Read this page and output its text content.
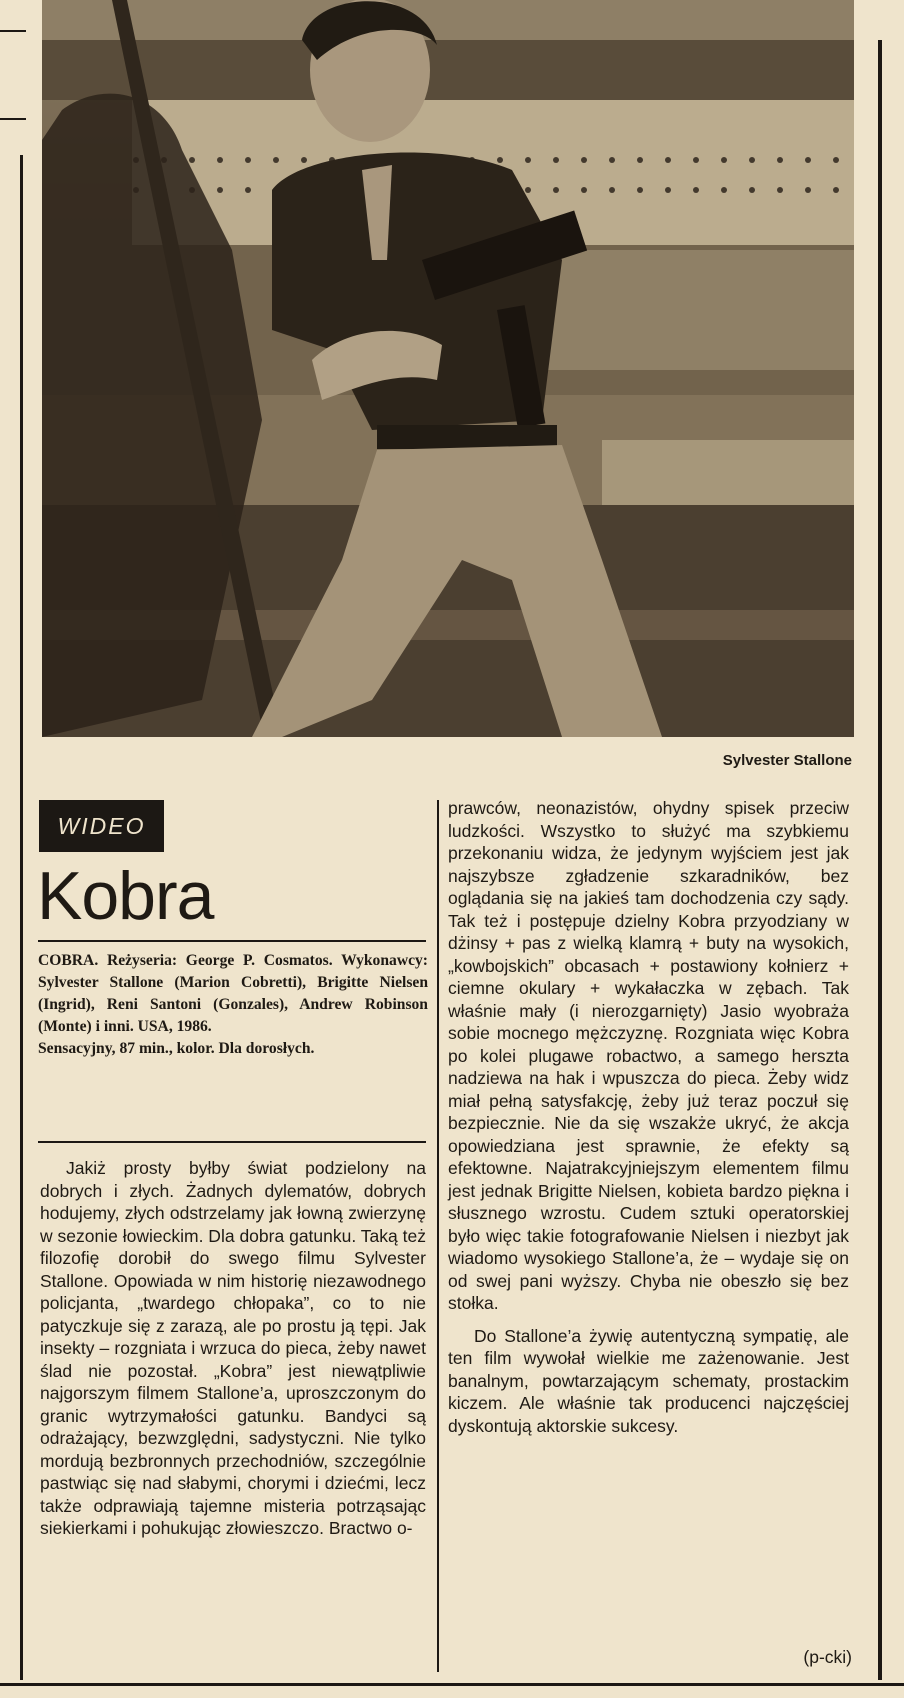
Sylvester Stallone
WIDEO
Kobra

COBRA. Reżyseria: George P. Cosmatos. Wykonawcy: Sylvester Stallone (Marion Cobretti), Brigitte Nielsen (Ingrid), Reni Santoni (Gonzales), Andrew Robinson (Monte) i inni. USA, 1986.
Sensacyjny, 87 min., kolor. Dla dorosłych.

Jakiż prosty byłby świat podzielony na dobrych i złych. Żadnych dylematów, dobrych hodujemy, złych odstrzelamy jak łowną zwierzynę w sezonie łowieckim. Dla dobra gatunku. Taką też filozofię dorobił do swego filmu Sylvester Stallone. Opowiada w nim historię niezawodnego policjanta, „twardego chłopaka”, co to nie patyczkuje się z zarazą, ale po prostu ją tępi. Jak insekty – rozgniata i wrzuca do pieca, żeby nawet ślad nie pozostał. „Kobra” jest niewątpliwie najgorszym filmem Stallone’a, uproszczonym do granic wytrzymałości gatunku. Bandyci są odrażający, bezwzględni, sadystyczni. Nie tylko mordują bezbronnych przechodniów, szczególnie pastwiąc się nad słabymi, chorymi i dziećmi, lecz także odprawiają tajemne misteria potrząsając siekierkami i pohukując złowieszczo. Bractwo o-

prawców, neonazistów, ohydny spisek przeciw ludzkości. Wszystko to służyć ma szybkiemu przekonaniu widza, że jedynym wyjściem jest jak najszybsze zgładzenie szkaradników, bez oglądania się na jakieś tam dochodzenia czy sądy. Tak też i postępuje dzielny Kobra przyodziany w dżinsy + pas z wielką klamrą + buty na wysokich, „kowbojskich” obcasach + postawiony kołnierz + ciemne okulary + wykałaczka w zębach. Tak właśnie mały (i nierozgarnięty) Jasio wyobraża sobie mocnego mężczyznę. Rozgniata więc Kobra po kolei plugawe robactwo, a samego herszta nadziewa na hak i wpuszcza do pieca. Żeby widz miał pełną satysfakcję, żeby już teraz poczuł się bezpiecznie. Nie da się wszakże ukryć, że akcja opowiedziana jest sprawnie, że efekty są efektowne. Najatrakcyjniejszym elementem filmu jest jednak Brigitte Nielsen, kobieta bardzo piękna i słusznego wzrostu. Cudem sztuki operatorskiej było więc takie fotografowanie Nielsen i niezbyt jak wiadomo wysokiego Stallone’a, że – wydaje się on od swej pani wyższy. Chyba nie obeszło się bez stołka.

Do Stallone’a żywię autentyczną sympatię, ale ten film wywołał wielkie me zażenowanie. Jest banalnym, powtarzającym schematy, prostackim kiczem. Ale właśnie tak producenci najczęściej dyskontują aktorskie sukcesy.

(p-cki)
